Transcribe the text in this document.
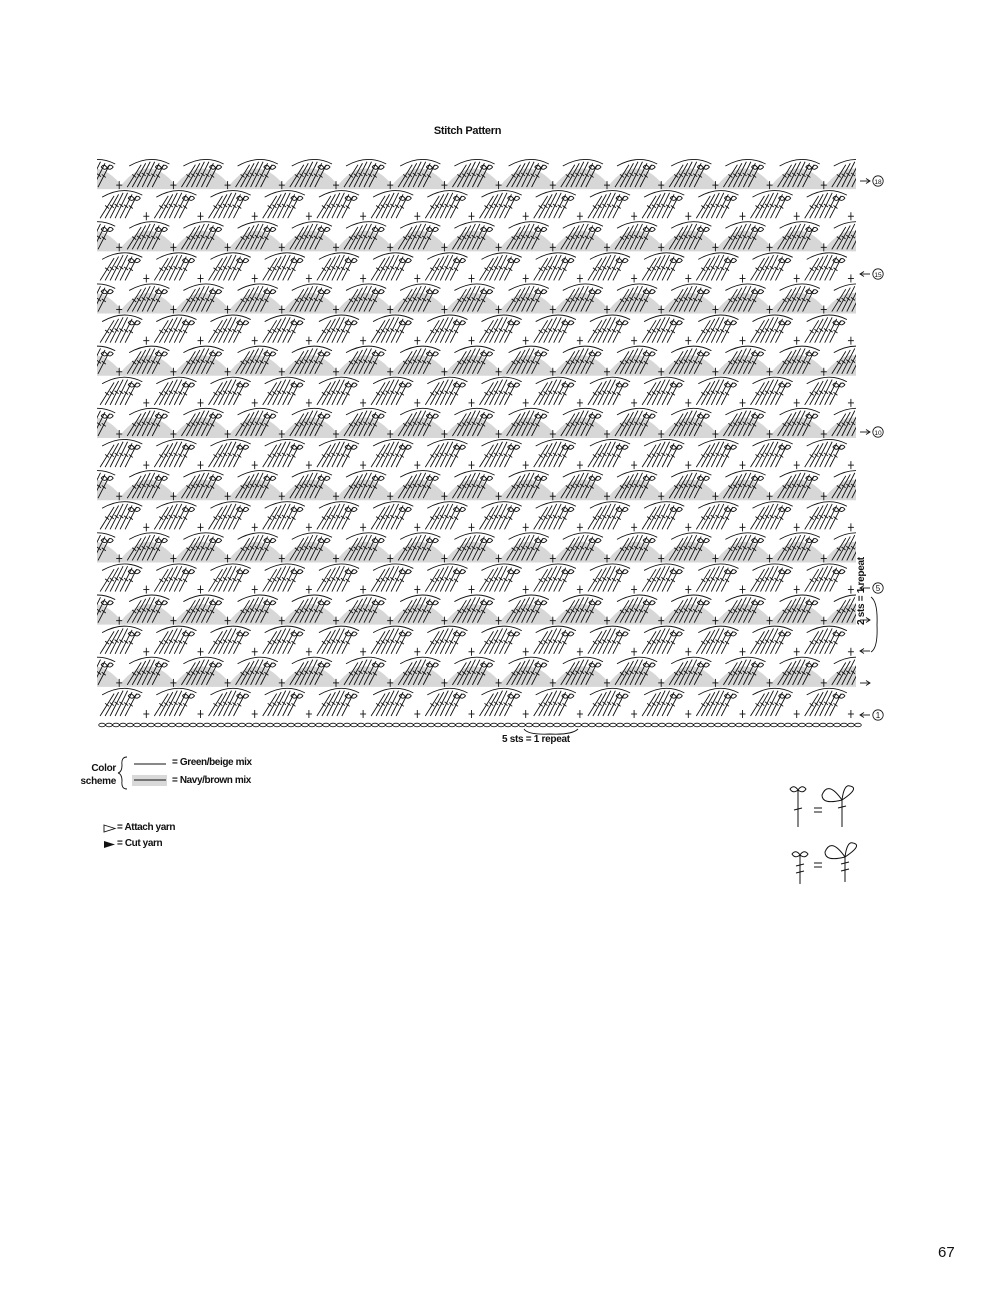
Stitch Pattern
18
15
10
5
1
5 sts = 1 repeat
2 sts = 1 repeat
Color
scheme
= Green/beige mix
= Navy/brown mix
= Attach yarn
= Cut yarn
67
